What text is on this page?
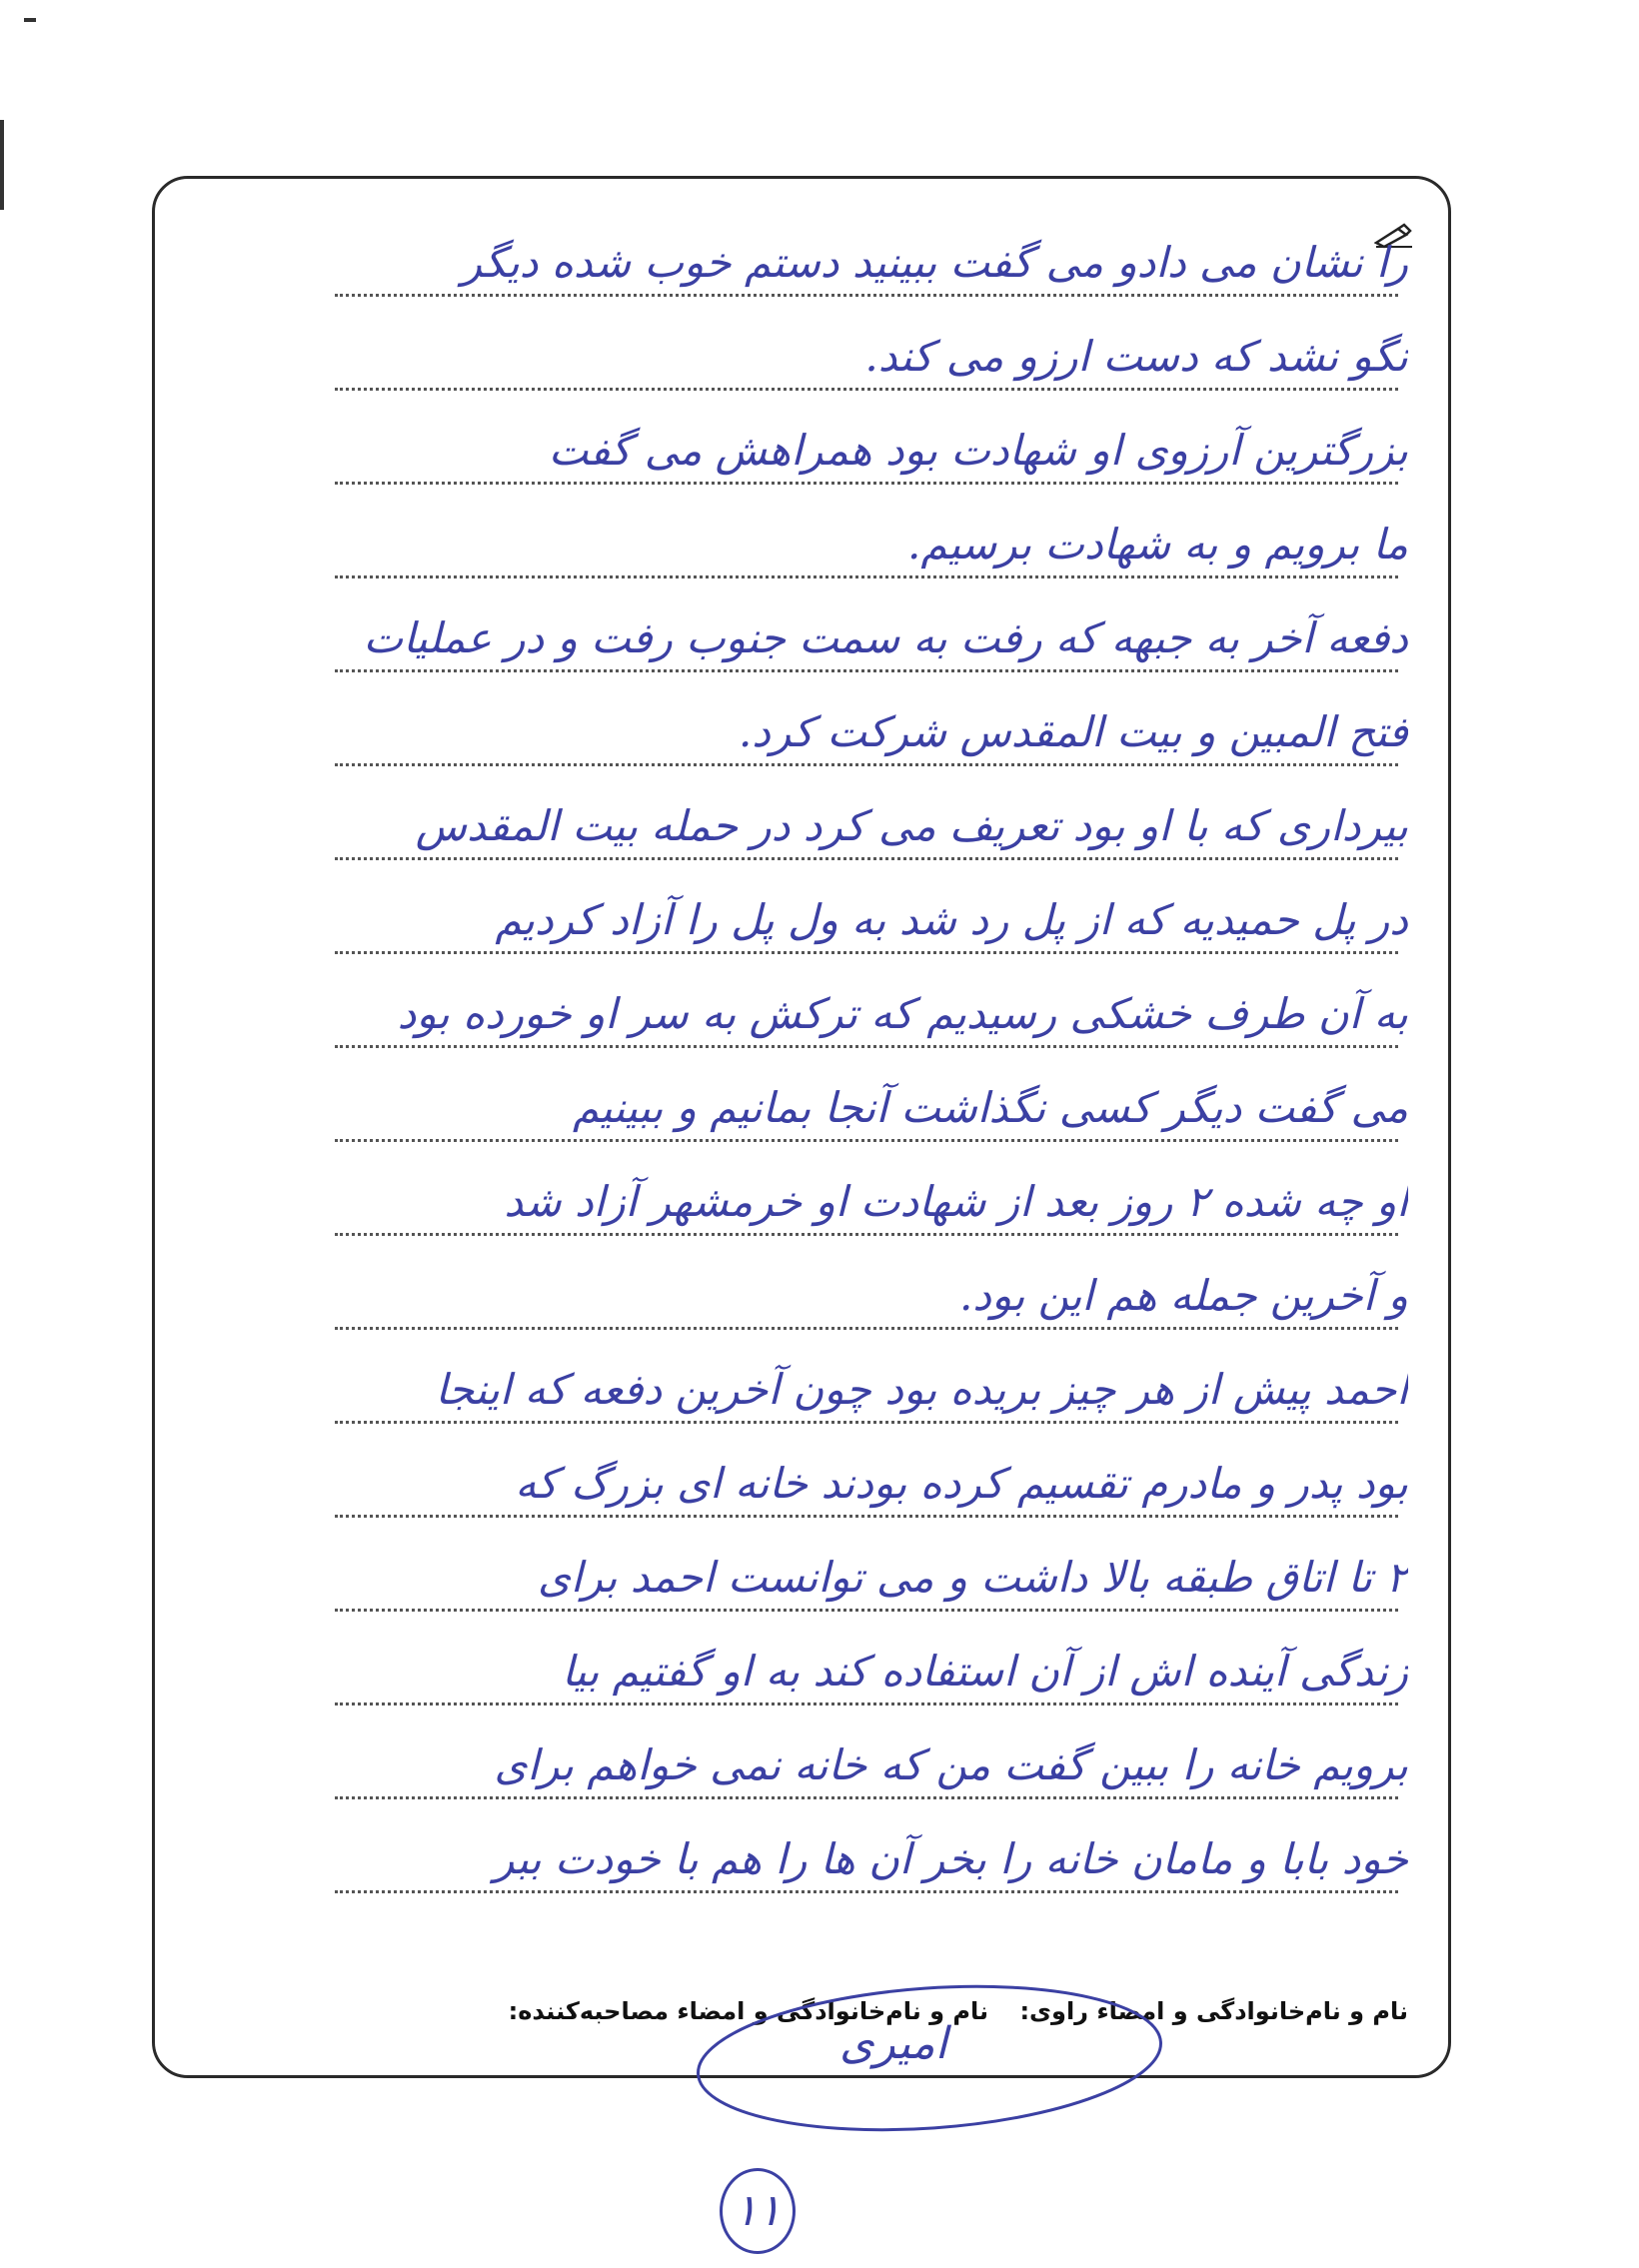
را نشان می دادو می گفت ببینید دستم خوب شده دیگر
نگو نشد که دست ارزو می کند.
بزرگترین آرزوی او شهادت بود همراهش می گفت
ما برویم و به شهادت برسیم.
دفعه آخر به جبهه که رفت به سمت جنوب رفت و در عملیات
فتح المبین و بیت المقدس شرکت کرد.
بیرداری که با او بود تعریف می کرد در حمله بیت المقدس
در پل حمیدیه که از پل رد شد به ول پل را آزاد کردیم
به آن طرف خشکی رسیدیم که ترکش به سر او خورده بود
می گفت دیگر کسی نگذاشت آنجا بمانیم و ببینیم
او چه شده ۲ روز بعد از شهادت او خرمشهر آزاد شد
و آخرین جمله هم این بود.
احمد پیش از هر چیز بریده بود چون آخرین دفعه که اینجا
بود پدر و مادرم تقسیم کرده بودند خانه ای بزرگ که
۲ تا اتاق طبقه بالا داشت و می توانست احمد برای
زندگی آینده اش از آن استفاده کند به او گفتیم بیا
برویم خانه را ببین گفت من که خانه نمی خواهم برای
خود بابا و مامان خانه را بخر آن ها را هم با خودت ببر
نام و نام‌خانوادگی و امضاء راوی:
نام و نام‌خانوادگی و امضاء مصاحبه‌کننده:
امیری
۱۱
